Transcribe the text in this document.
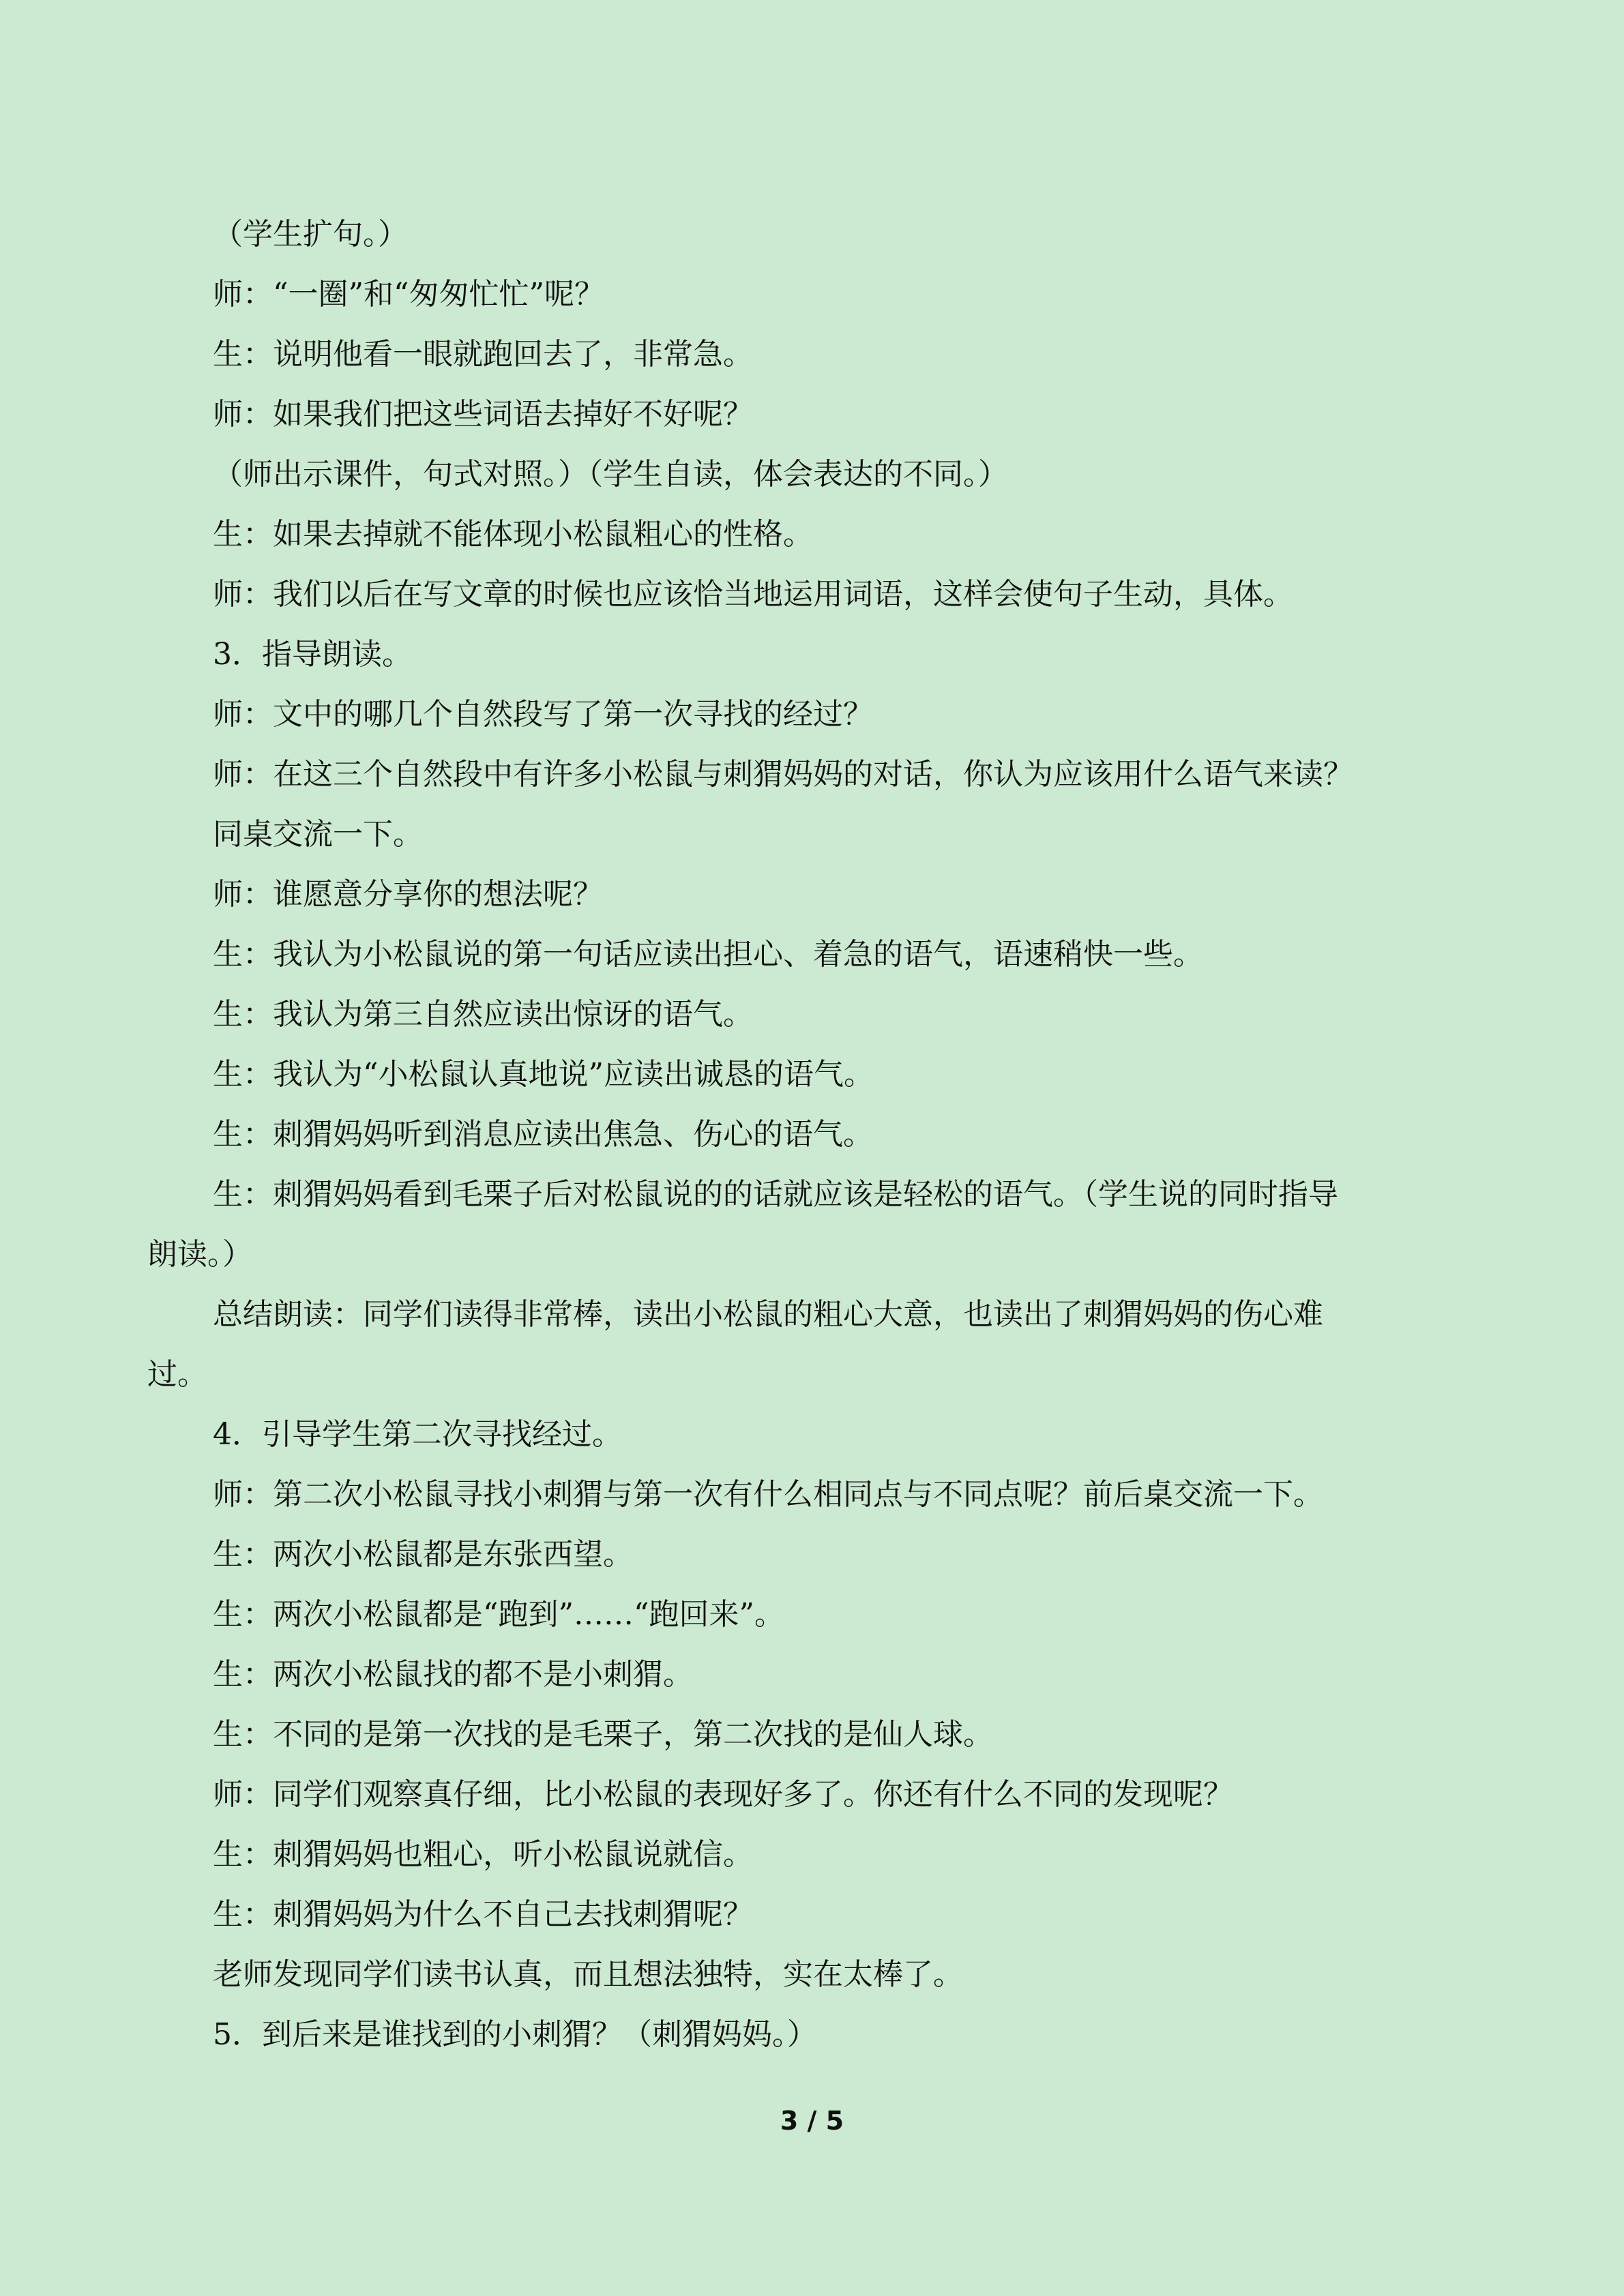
（学生扩句。）
师：“一圈”和“匆匆忙忙”呢？
生：说明他看一眼就跑回去了，非常急。
师：如果我们把这些词语去掉好不好呢？
（师出示课件，句式对照。）（学生自读，体会表达的不同。）
生：如果去掉就不能体现小松鼠粗心的性格。
师：我们以后在写文章的时候也应该恰当地运用词语，这样会使句子生动，具体。
3．指导朗读。
师：文中的哪几个自然段写了第一次寻找的经过？
师：在这三个自然段中有许多小松鼠与刺猬妈妈的对话，你认为应该用什么语气来读？
同桌交流一下。
师：谁愿意分享你的想法呢？
生：我认为小松鼠说的第一句话应读出担心、着急的语气，语速稍快一些。
生：我认为第三自然应读出惊讶的语气。
生：我认为“小松鼠认真地说”应读出诚恳的语气。
生：刺猬妈妈听到消息应读出焦急、伤心的语气。
生：刺猬妈妈看到毛栗子后对松鼠说的的话就应该是轻松的语气。（学生说的同时指导
朗读。）
总结朗读：同学们读得非常棒，读出小松鼠的粗心大意，也读出了刺猬妈妈的伤心难
过。
4．引导学生第二次寻找经过。
师：第二次小松鼠寻找小刺猬与第一次有什么相同点与不同点呢？前后桌交流一下。
生：两次小松鼠都是东张西望。
生：两次小松鼠都是“跑到”……“跑回来”。
生：两次小松鼠找的都不是小刺猬。
生：不同的是第一次找的是毛栗子，第二次找的是仙人球。
师：同学们观察真仔细，比小松鼠的表现好多了。你还有什么不同的发现呢？
生：刺猬妈妈也粗心，听小松鼠说就信。
生：刺猬妈妈为什么不自己去找刺猬呢？
老师发现同学们读书认真，而且想法独特，实在太棒了。
5．到后来是谁找到的小刺猬？（刺猬妈妈。）
3 / 5
